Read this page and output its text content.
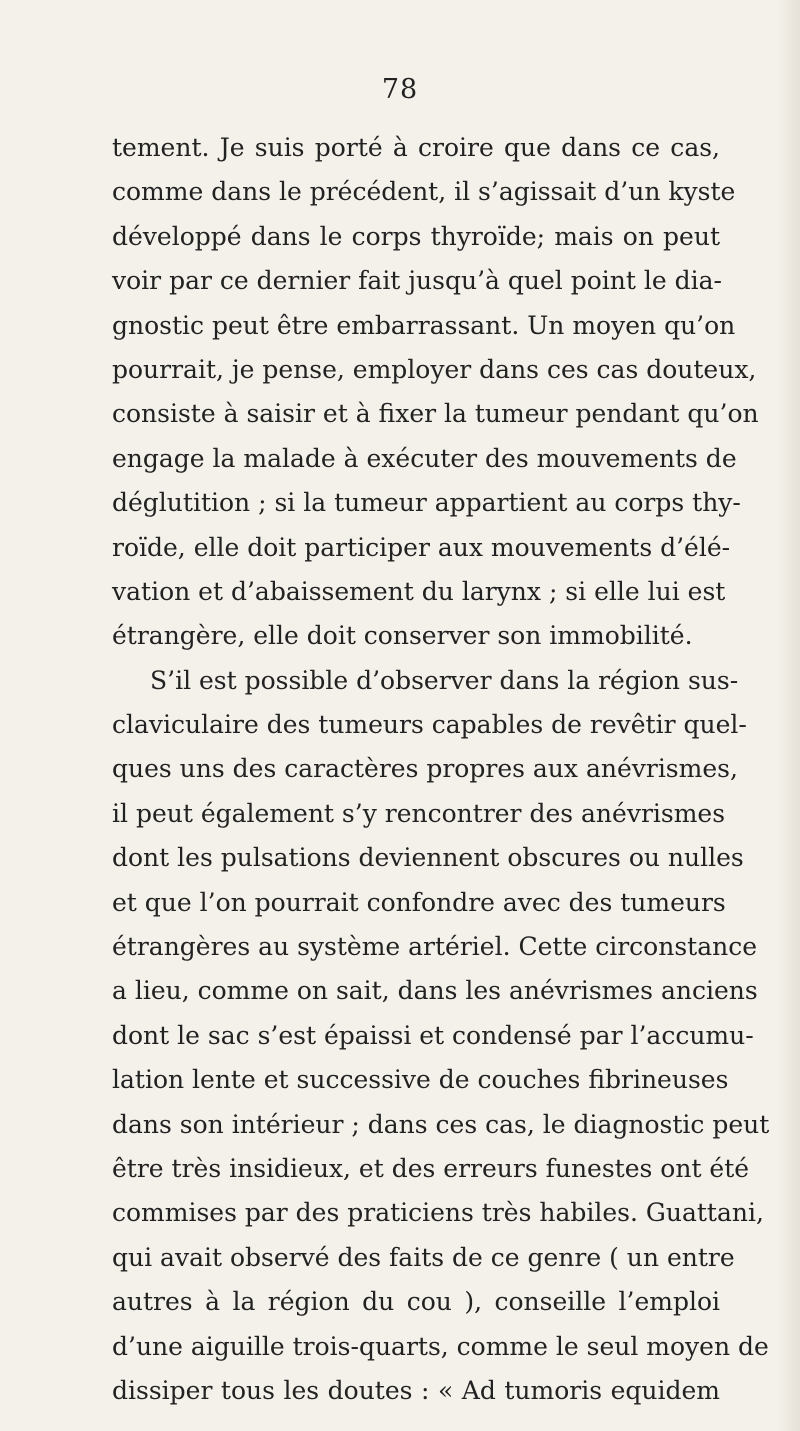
78
tement. Je suis porté à croire que dans ce cas,
comme dans le précédent, il s’agissait d’un kyste
développé dans le corps thyroïde; mais on peut
voir par ce dernier fait jusqu’à quel point le dia-
gnostic peut être embarrassant. Un moyen qu’on
pourrait, je pense, employer dans ces cas douteux,
consiste à saisir et à fixer la tumeur pendant qu’on
engage la malade à exécuter des mouvements de
déglutition ; si la tumeur appartient au corps thy-
roïde, elle doit participer aux mouvements d’élé-
vation et d’abaissement du larynx ; si elle lui est
étrangère, elle doit conserver son immobilité.
S’il est possible d’observer dans la région sus-
claviculaire des tumeurs capables de revêtir quel-
ques uns des caractères propres aux anévrismes,
il peut également s’y rencontrer des anévrismes
dont les pulsations deviennent obscures ou nulles
et que l’on pourrait confondre avec des tumeurs
étrangères au système artériel. Cette circonstance
a lieu, comme on sait, dans les anévrismes anciens
dont le sac s’est épaissi et condensé par l’accumu-
lation lente et successive de couches fibrineuses
dans son intérieur ; dans ces cas, le diagnostic peut
être très insidieux, et des erreurs funestes ont été
commises par des praticiens très habiles. Guattani,
qui avait observé des faits de ce genre ( un entre
autres à la région du cou ), conseille l’emploi
d’une aiguille trois-quarts, comme le seul moyen de
dissiper tous les doutes : « Ad tumoris equidem
